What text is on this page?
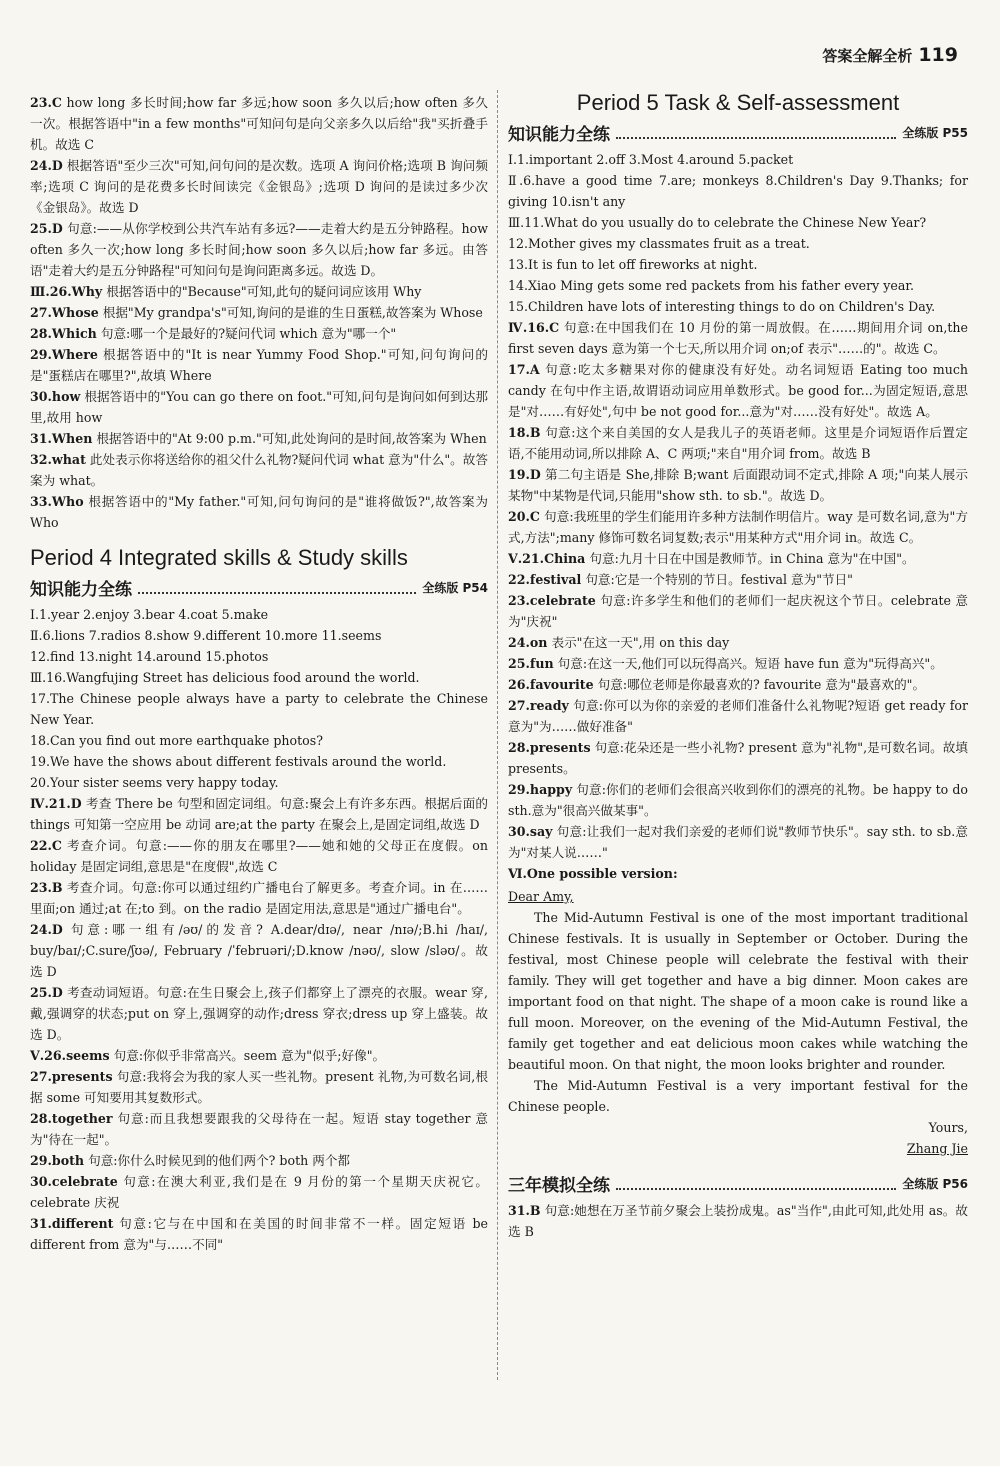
答案全解全析 119
23.C how long 多长时间;how far 多远;how soon 多久以后;how often 多久一次。根据答语中"in a few months"可知问句是向父亲多久以后给"我"买折叠手机。故选 C
24.D 根据答语"至少三次"可知,问句问的是次数。选项 A 询问价格;选项 B 询问频率;选项 C 询问的是花费多长时间读完《金银岛》;选项 D 询问的是读过多少次《金银岛》。故选 D
25.D 句意:——从你学校到公共汽车站有多远?——走着大约是五分钟路程。how often 多久一次;how long 多长时间;how soon 多久以后;how far 多远。由答语"走着大约是五分钟路程"可知问句是询问距离多远。故选 D。
Ⅲ.26.Why 根据答语中的"Because"可知,此句的疑问词应该用 Why
27.Whose 根据"My grandpa's"可知,询问的是谁的生日蛋糕,故答案为 Whose
28.Which 句意:哪一个是最好的?疑问代词 which 意为"哪一个"
29.Where 根据答语中的"It is near Yummy Food Shop."可知,问句询问的是"蛋糕店在哪里?",故填 Where
30.how 根据答语中的"You can go there on foot."可知,问句是询问如何到达那里,故用 how
31.When 根据答语中的"At 9:00 p.m."可知,此处询问的是时间,故答案为 When
32.what 此处表示你将送给你的祖父什么礼物?疑问代词 what 意为"什么"。故答案为 what。
33.Who 根据答语中的"My father."可知,问句询问的是"谁将做饭?",故答案为 Who
Period 4 Integrated skills & Study skills
知识能力全练	全练版 P54
Ⅰ.1.year 2.enjoy 3.bear 4.coat 5.make
Ⅱ.6.lions 7.radios 8.show 9.different 10.more 11.seems
12.find 13.night 14.around 15.photos
Ⅲ.16.Wangfujing Street has delicious food around the world.
17.The Chinese people always have a party to celebrate the Chinese New Year.
18.Can you find out more earthquake photos?
19.We have the shows about different festivals around the world.
20.Your sister seems very happy today.
Ⅳ.21.D 考查 There be 句型和固定词组。句意:聚会上有许多东西。根据后面的 things 可知第一空应用 be 动词 are;at the party 在聚会上,是固定词组,故选 D
22.C 考查介词。句意:——你的朋友在哪里?——她和她的父母正在度假。on holiday 是固定词组,意思是"在度假",故选 C
23.B 考查介词。句意:你可以通过纽约广播电台了解更多。考查介词。in 在……里面;on 通过;at 在;to 到。on the radio 是固定用法,意思是"通过广播电台"。
24.D 句意:哪一组有/əʊ/的发音? A.dear/dɪə/, near /nɪə/;B.hi /haɪ/, buy/baɪ/;C.sure/ʃʊə/, February /ˈfebruəri/;D.know /nəʊ/, slow /sləʊ/。故选 D
25.D 考查动词短语。句意:在生日聚会上,孩子们都穿上了漂亮的衣服。wear 穿,戴,强调穿的状态;put on 穿上,强调穿的动作;dress 穿衣;dress up 穿上盛装。故选 D。
Ⅴ.26.seems 句意:你似乎非常高兴。seem 意为"似乎;好像"。
27.presents 句意:我将会为我的家人买一些礼物。present 礼物,为可数名词,根据 some 可知要用其复数形式。
28.together 句意:而且我想要跟我的父母待在一起。短语 stay together 意为"待在一起"。
29.both 句意:你什么时候见到的他们两个? both 两个都
30.celebrate 句意:在澳大利亚,我们是在 9 月份的第一个星期天庆祝它。celebrate 庆祝
31.different 句意:它与在中国和在美国的时间非常不一样。固定短语 be different from 意为"与……不同"
Period 5 Task & Self-assessment
知识能力全练	全练版 P55
Ⅰ.1.important 2.off 3.Most 4.around 5.packet
Ⅱ.6.have a good time 7.are; monkeys 8.Children's Day 9.Thanks; for giving 10.isn't any
Ⅲ.11.What do you usually do to celebrate the Chinese New Year?
12.Mother gives my classmates fruit as a treat.
13.It is fun to let off fireworks at night.
14.Xiao Ming gets some red packets from his father every year.
15.Children have lots of interesting things to do on Children's Day.
Ⅳ.16.C 句意:在中国我们在 10 月份的第一周放假。在……期间用介词 on,the first seven days 意为第一个七天,所以用介词 on;of 表示"……的"。故选 C。
17.A 句意:吃太多糖果对你的健康没有好处。动名词短语 Eating too much candy 在句中作主语,故谓语动词应用单数形式。be good for...为固定短语,意思是"对……有好处",句中 be not good for...意为"对……没有好处"。故选 A。
18.B 句意:这个来自美国的女人是我儿子的英语老师。这里是介词短语作后置定语,不能用动词,所以排除 A、C 两项;"来自"用介词 from。故选 B
19.D 第二句主语是 She,排除 B;want 后面跟动词不定式,排除 A 项;"向某人展示某物"中某物是代词,只能用"show sth. to sb."。故选 D。
20.C 句意:我班里的学生们能用许多种方法制作明信片。way 是可数名词,意为"方式,方法";many 修饰可数名词复数;表示"用某种方式"用介词 in。故选 C。
Ⅴ.21.China 句意:九月十日在中国是教师节。in China 意为"在中国"。
22.festival 句意:它是一个特别的节日。festival 意为"节日"
23.celebrate 句意:许多学生和他们的老师们一起庆祝这个节日。celebrate 意为"庆祝"
24.on 表示"在这一天",用 on this day
25.fun 句意:在这一天,他们可以玩得高兴。短语 have fun 意为"玩得高兴"。
26.favourite 句意:哪位老师是你最喜欢的? favourite 意为"最喜欢的"。
27.ready 句意:你可以为你的亲爱的老师们准备什么礼物呢?短语 get ready for 意为"为……做好准备"
28.presents 句意:花朵还是一些小礼物? present 意为"礼物",是可数名词。故填 presents。
29.happy 句意:你们的老师们会很高兴收到你们的漂亮的礼物。be happy to do sth.意为"很高兴做某事"。
30.say 句意:让我们一起对我们亲爱的老师们说"教师节快乐"。say sth. to sb.意为"对某人说……"
Ⅵ.One possible version:

Dear Amy,

The Mid-Autumn Festival is one of the most important traditional Chinese festivals. It is usually in September or October. During the festival, most Chinese people will celebrate the festival with their family. They will get together and have a big dinner. Moon cakes are important food on that night. The shape of a moon cake is round like a full moon. Moreover, on the evening of the Mid-Autumn Festival, the family get together and eat delicious moon cakes while watching the beautiful moon. On that night, the moon looks brighter and rounder.

The Mid-Autumn Festival is a very important festival for the Chinese people.

Yours,

Zhang Jie

三年模拟全练	全练版 P56
31.B 句意:她想在万圣节前夕聚会上装扮成鬼。as"当作",由此可知,此处用 as。故选 B
